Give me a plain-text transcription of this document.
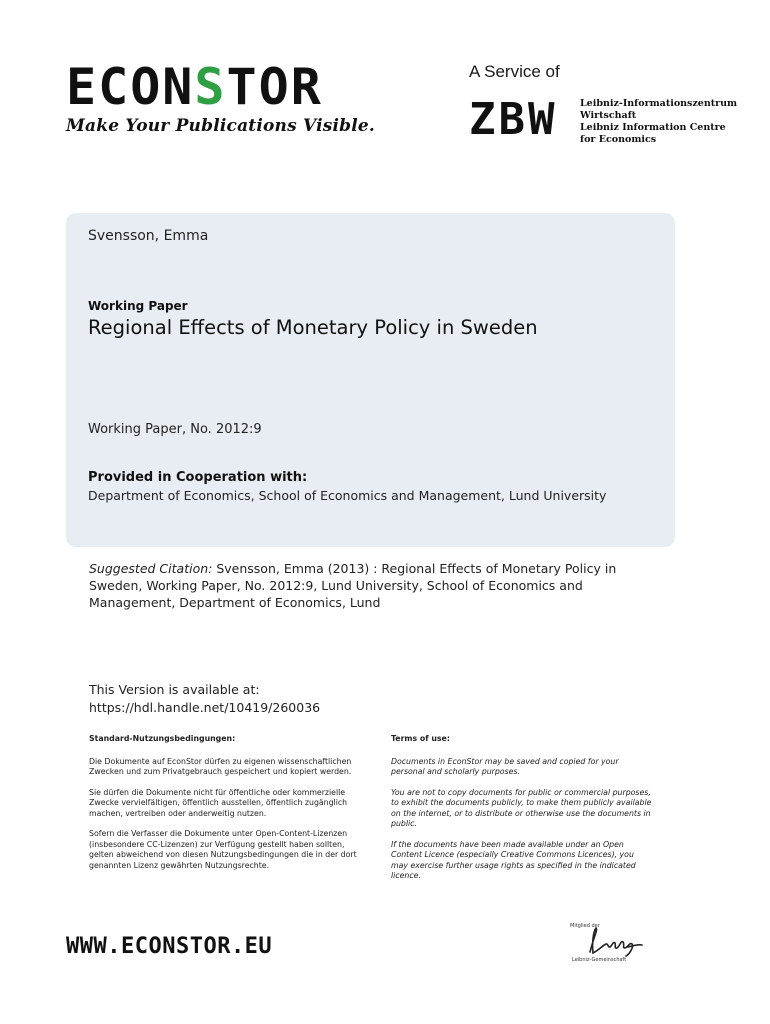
ECONSTOR
Make Your Publications Visible.
A Service of
ZBW Leibniz-Informationszentrum
Wirtschaft
Leibniz Information Centre
for Economics
Svensson, Emma
Working Paper
Regional Effects of Monetary Policy in Sweden
Working Paper, No. 2012:9
Provided in Cooperation with:
Department of Economics, School of Economics and Management, Lund University
Suggested Citation: Svensson, Emma (2013) : Regional Effects of Monetary Policy in Sweden, Working Paper, No. 2012:9, Lund University, School of Economics and Management, Department of Economics, Lund
This Version is available at:
https://hdl.handle.net/10419/260036
Standard-Nutzungsbedingungen:

Die Dokumente auf EconStor dürfen zu eigenen wissenschaftlichen Zwecken und zum Privatgebrauch gespeichert und kopiert werden.

Sie dürfen die Dokumente nicht für öffentliche oder kommerzielle Zwecke vervielfältigen, öffentlich ausstellen, öffentlich zugänglich machen, vertreiben oder anderweitig nutzen.

Sofern die Verfasser die Dokumente unter Open-Content-Lizenzen (insbesondere CC-Lizenzen) zur Verfügung gestellt haben sollten, gelten abweichend von diesen Nutzungsbedingungen die in der dort genannten Lizenz gewährten Nutzungsrechte.

Terms of use:

Documents in EconStor may be saved and copied for your personal and scholarly purposes.

You are not to copy documents for public or commercial purposes, to exhibit the documents publicly, to make them publicly available on the internet, or to distribute or otherwise use the documents in public.

If the documents have been made available under an Open Content Licence (especially Creative Commons Licences), you may exercise further usage rights as specified in the indicated licence.

WWW.ECONSTOR.EU
Mitglied der
Leibniz-Gemeinschaft
